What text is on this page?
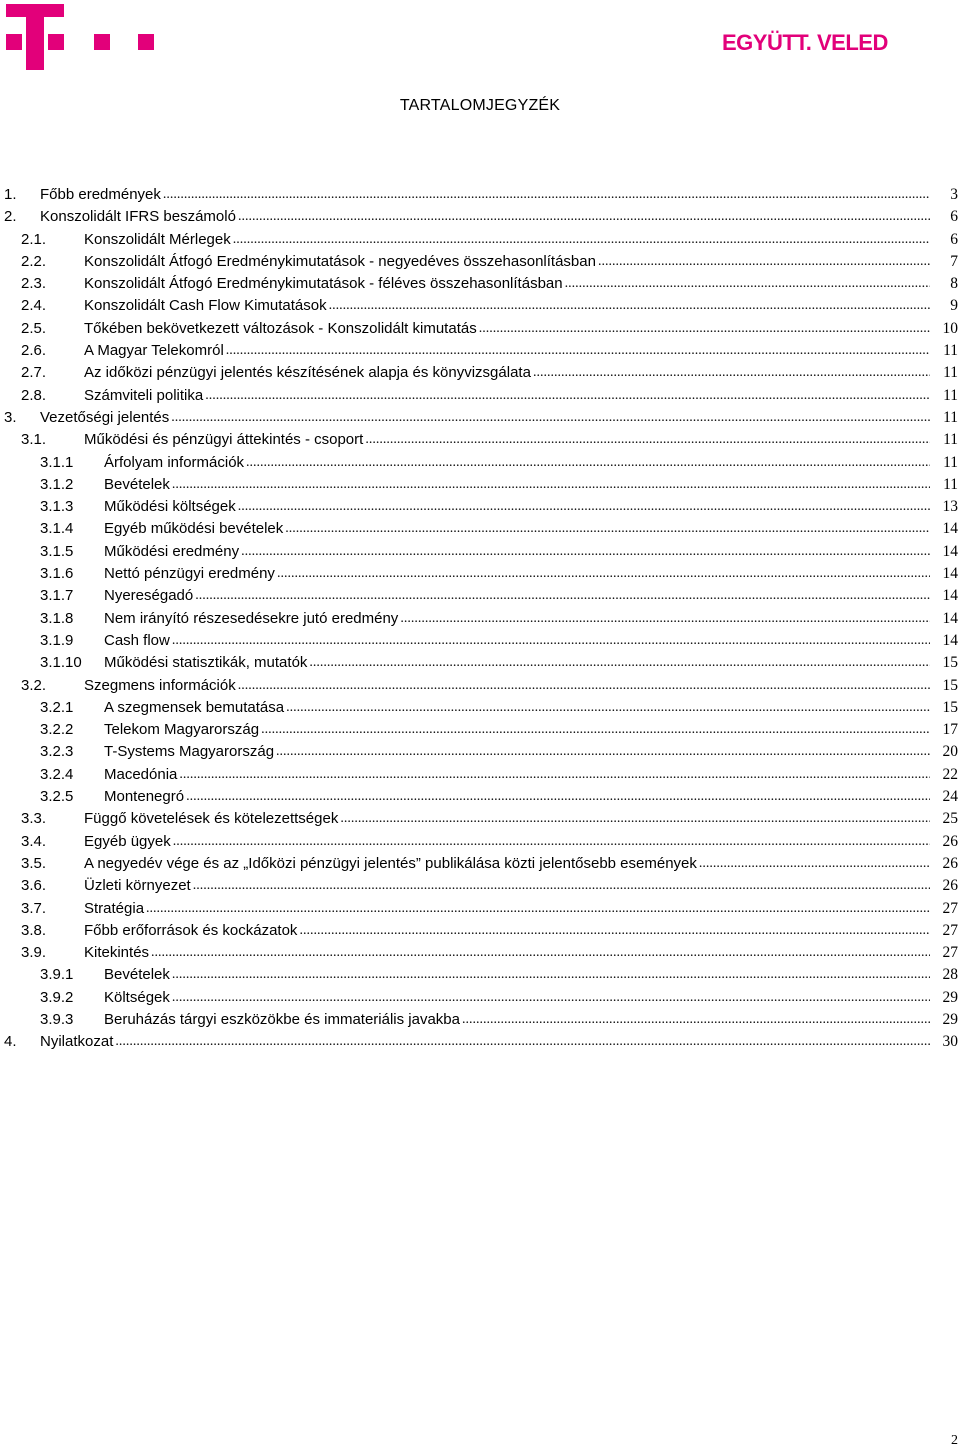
EGYÜTT. VELED
TARTALOMJEGYZÉK
1. Főbb eredmények .....	3
2. Konszolidált IFRS beszámoló .....	6
2.1.	Konszolidált Mérlegek .....	6
2.2.	Konszolidált Átfogó Eredménykimutatások - negyedéves összehasonlításban .....	7
2.3.	Konszolidált Átfogó Eredménykimutatások - féléves összehasonlításban .....	8
2.4.	Konszolidált Cash Flow Kimutatások .....	9
2.5.	Tőkében bekövetkezett változások - Konszolidált kimutatás .....	10
2.6.	A Magyar Telekomról .....	11
2.7.	Az időközi pénzügyi jelentés készítésének alapja és könyvizsgálata .....	11
2.8.	Számviteli politika .....	11
3. Vezetőségi jelentés .....	11
3.1.	Működési és pénzügyi áttekintés - csoport .....	11
3.1.1 Árfolyam információk .....	11
3.1.2 Bevételek .....	11
3.1.3 Működési költségek .....	13
3.1.4 Egyéb működési bevételek .....	14
3.1.5 Működési eredmény .....	14
3.1.6 Nettó pénzügyi eredmény .....	14
3.1.7 Nyereségadó .....	14
3.1.8 Nem irányító részesedésekre jutó eredmény .....	14
3.1.9 Cash flow .....	14
3.1.10 Működési statisztikák, mutatók .....	15
3.2.	Szegmens információk .....	15
3.2.1 A szegmensek bemutatása .....	15
3.2.2 Telekom Magyarország .....	17
3.2.3 T-Systems Magyarország .....	20
3.2.4 Macedónia .....	22
3.2.5 Montenegró .....	24
3.3.	Függő követelések és kötelezettségek .....	25
3.4.	Egyéb ügyek .....	26
3.5.	A negyedév vége és az „Időközi pénzügyi jelentés” publikálása közti jelentősebb események .....	26
3.6.	Üzleti környezet .....	26
3.7.	Stratégia .....	27
3.8.	Főbb erőforrások és kockázatok .....	27
3.9.	Kitekintés .....	27
3.9.1 Bevételek .....	28
3.9.2 Költségek .....	29
3.9.3 Beruházás tárgyi eszközökbe és immateriális javakba .....	29
4. Nyilatkozat .....	30
2
